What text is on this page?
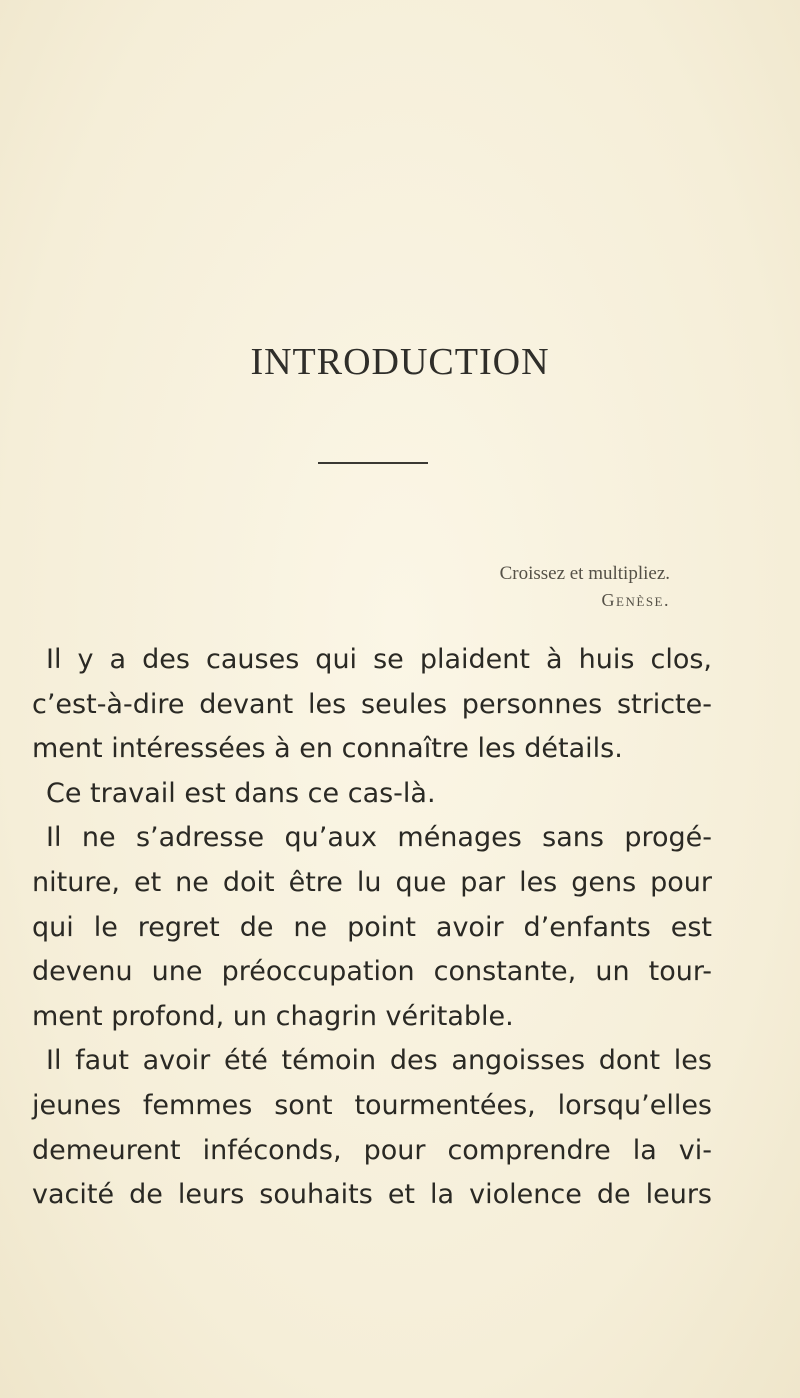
INTRODUCTION
Croissez et multipliez.
Genèse.
Il y a des causes qui se plaident à huis clos,
c’est-à-dire devant les seules personnes stricte-
ment intéressées à en connaître les détails.
Ce travail est dans ce cas-là.
Il ne s’adresse qu’aux ménages sans progé-
niture, et ne doit être lu que par les gens pour
qui le regret de ne point avoir d’enfants est
devenu une préoccupation constante, un tour-
ment profond, un chagrin véritable.
Il faut avoir été témoin des angoisses dont les
jeunes femmes sont tourmentées, lorsqu’elles
demeurent inféconds, pour comprendre la vi-
vacité de leurs souhaits et la violence de leurs
